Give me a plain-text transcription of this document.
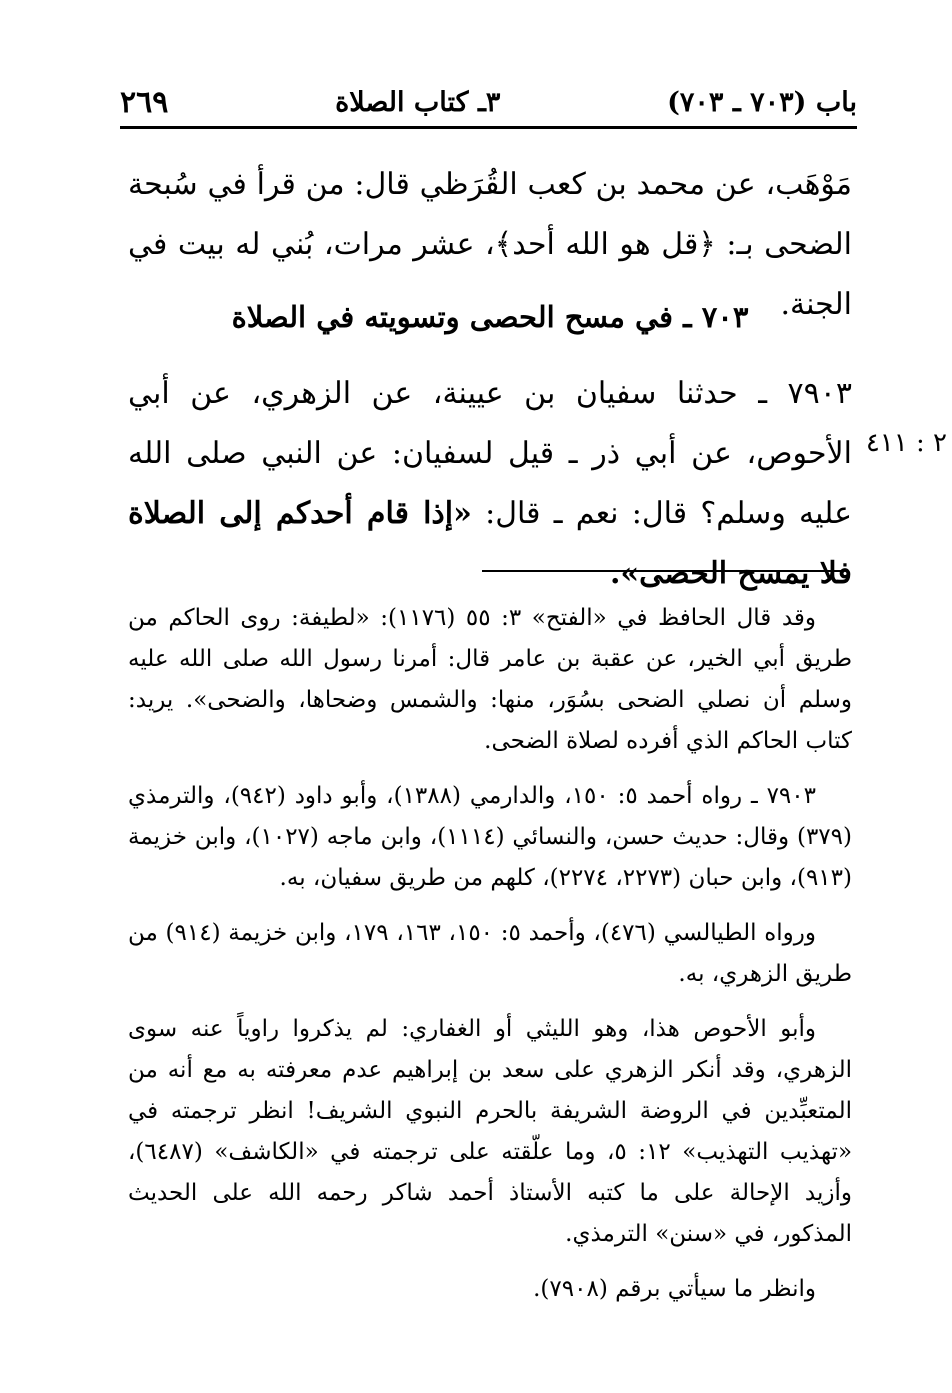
باب (٧٠٣ ـ ٧٠٣)
٣ـ كتاب الصلاة
٢٦٩
مَوْهَب، عن محمد بن كعب القُرَظي قال: من قرأ في سُبحة الضحى بـ: ﴿قل هو الله أحد﴾، عشر مرات، بُني له بيت في الجنة.
٧٠٣ ـ في مسح الحصى وتسويته في الصلاة
٧٩٠٣ ـ حدثنا سفيان بن عيينة، عن الزهري، عن أبي الأحوص، عن أبي ذر ـ قيل لسفيان: عن النبي صلى الله عليه وسلم؟ قال: نعم ـ قال: «إذا قام أحدكم إلى الصلاة فلا يمسح الحصى».
٢ : ٤١١

وقد قال الحافظ في «الفتح» ٣: ٥٥ (١١٧٦): «لطيفة: روى الحاكم من طريق أبي الخير، عن عقبة بن عامر قال: أمرنا رسول الله صلى الله عليه وسلم أن نصلي الضحى بسُوَر، منها: والشمس وضحاها، والضحى». يريد: كتاب الحاكم الذي أفرده لصلاة الضحى.

٧٩٠٣ ـ رواه أحمد ٥: ١٥٠، والدارمي (١٣٨٨)، وأبو داود (٩٤٢)، والترمذي (٣٧٩) وقال: حديث حسن، والنسائي (١١١٤)، وابن ماجه (١٠٢٧)، وابن خزيمة (٩١٣)، وابن حبان (٢٢٧٣، ٢٢٧٤)، كلهم من طريق سفيان، به.

ورواه الطيالسي (٤٧٦)، وأحمد ٥: ١٥٠، ١٦٣، ١٧٩، وابن خزيمة (٩١٤) من طريق الزهري، به.

وأبو الأحوص هذا، وهو الليثي أو الغفاري: لم يذكروا راوياً عنه سوى الزهري، وقد أنكر الزهري على سعد بن إبراهيم عدم معرفته به مع أنه من المتعبِّدين في الروضة الشريفة بالحرم النبوي الشريف! انظر ترجمته في «تهذيب التهذيب» ١٢: ٥، وما علّقته على ترجمته في «الكاشف» (٦٤٨٧)، وأزيد الإحالة على ما كتبه الأستاذ أحمد شاكر رحمه الله على الحديث المذكور، في «سنن» الترمذي.

وانظر ما سيأتي برقم (٧٩٠٨).
